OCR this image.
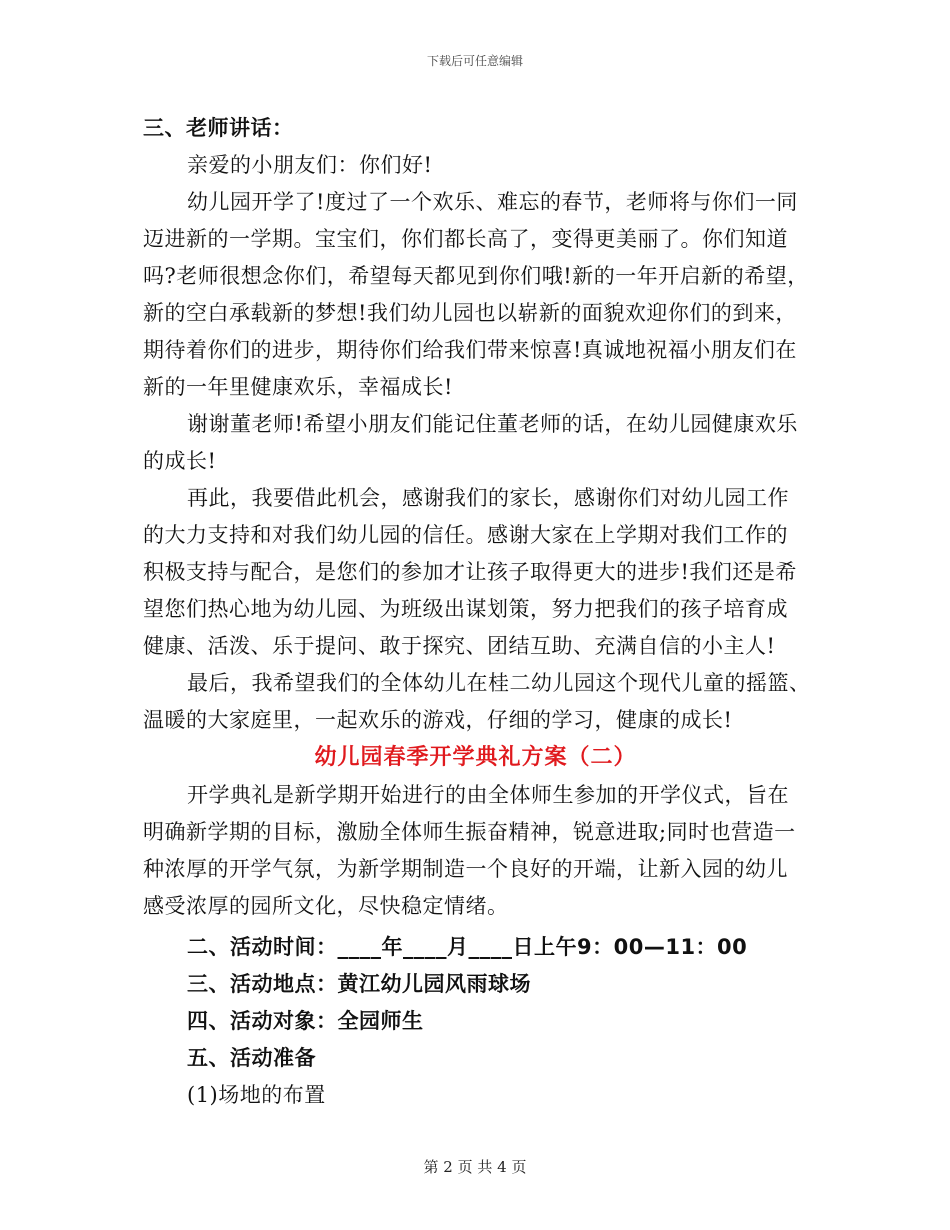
下载后可任意编辑
三、老师讲话：
亲爱的小朋友们：你们好!
幼儿园开学了!度过了一个欢乐、难忘的春节，老师将与你们一同
迈进新的一学期。宝宝们，你们都长高了，变得更美丽了。你们知道
吗?老师很想念你们，希望每天都见到你们哦!新的一年开启新的希望，
新的空白承载新的梦想!我们幼儿园也以崭新的面貌欢迎你们的到来，
期待着你们的进步，期待你们给我们带来惊喜!真诚地祝福小朋友们在
新的一年里健康欢乐，幸福成长!
谢谢董老师!希望小朋友们能记住董老师的话，在幼儿园健康欢乐
的成长!
再此，我要借此机会，感谢我们的家长，感谢你们对幼儿园工作
的大力支持和对我们幼儿园的信任。感谢大家在上学期对我们工作的
积极支持与配合，是您们的参加才让孩子取得更大的进步!我们还是希
望您们热心地为幼儿园、为班级出谋划策，努力把我们的孩子培育成
健康、活泼、乐于提问、敢于探究、团结互助、充满自信的小主人!
最后，我希望我们的全体幼儿在桂二幼儿园这个现代儿童的摇篮、
温暖的大家庭里，一起欢乐的游戏，仔细的学习，健康的成长!
幼儿园春季开学典礼方案（二）
开学典礼是新学期开始进行的由全体师生参加的开学仪式，旨在
明确新学期的目标，激励全体师生振奋精神，锐意进取;同时也营造一
种浓厚的开学气氛，为新学期制造一个良好的开端，让新入园的幼儿
感受浓厚的园所文化，尽快稳定情绪。
二、活动时间：____年____月____日上午9：00—11：00
三、活动地点：黄江幼儿园风雨球场
四、活动对象：全园师生
五、活动准备
(1)场地的布置
第 2 页 共 4 页
